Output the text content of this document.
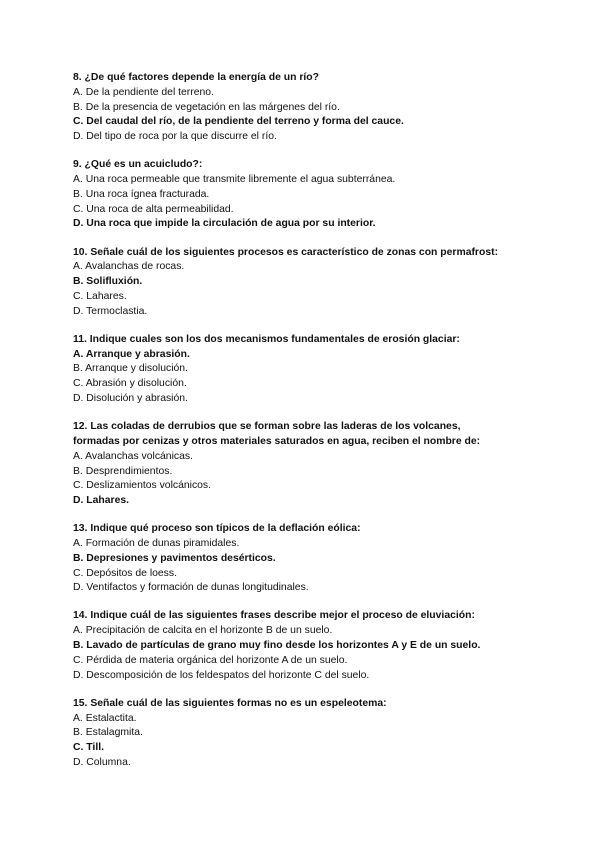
8. ¿De qué factores depende la energía de un río?
A. De la pendiente del terreno.
B. De la presencia de vegetación en las márgenes del río.
C. Del caudal del río, de la pendiente del terreno y forma del cauce.
D. Del tipo de roca por la que discurre el río.
9. ¿Qué es un acuicludo?:
A. Una roca permeable que transmite libremente el agua subterránea.
B. Una roca ígnea fracturada.
C. Una roca de alta permeabilidad.
D. Una roca que impide la circulación de agua por su interior.
10. Señale cuál de los siguientes procesos es característico de zonas con permafrost:
A. Avalanchas de rocas.
B. Solifluxión.
C. Lahares.
D. Termoclastia.
11. Indique cuales son los dos mecanismos fundamentales de erosión glaciar:
A. Arranque y abrasión.
B. Arranque y disolución.
C. Abrasión y disolución.
D. Disolución y abrasión.
12. Las coladas de derrubios que se forman sobre las laderas de los volcanes,
formadas por cenizas y otros materiales saturados en agua, reciben el nombre de:
A. Avalanchas volcánicas.
B. Desprendimientos.
C. Deslizamientos volcánicos.
D. Lahares.
13. Indique qué proceso son típicos de la deflación eólica:
A. Formación de dunas piramidales.
B. Depresiones y pavimentos desérticos.
C. Depósitos de loess.
D. Ventifactos y formación de dunas longitudinales.
14. Indique cuál de las siguientes frases describe mejor el proceso de eluviación:
A. Precipitación de calcita en el horizonte B de un suelo.
B. Lavado de partículas de grano muy fino desde los horizontes A y E de un suelo.
C. Pérdida de materia orgánica del horizonte A de un suelo.
D. Descomposición de los feldespatos del horizonte C del suelo.
15. Señale cuál de las siguientes formas no es un espeleotema:
A. Estalactita.
B. Estalagmita.
C. Till.
D. Columna.
